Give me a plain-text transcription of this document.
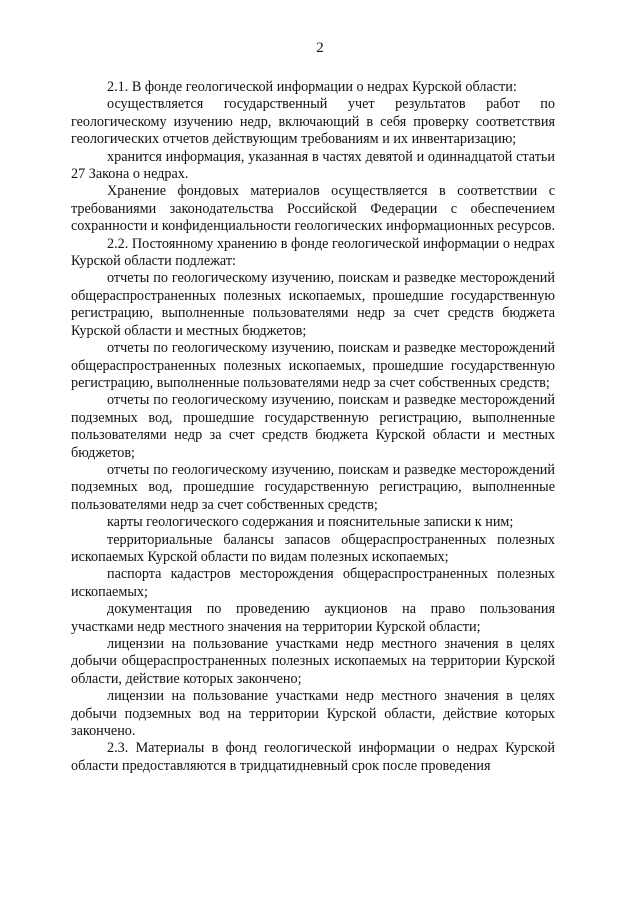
2

2.1. В фонде геологической информации о недрах Курской области:

осуществляется государственный учет результатов работ по геологическому изучению недр, включающий в себя проверку соответствия геологических отчетов действующим требованиям и их инвентаризацию;

хранится информация, указанная в частях девятой и одиннадцатой статьи 27 Закона о недрах.

Хранение фондовых материалов осуществляется в соответствии с требованиями законодательства Российской Федерации с обеспечением сохранности и конфиденциальности геологических информационных ресурсов.

2.2. Постоянному хранению в фонде геологической информации о недрах Курской области подлежат:

отчеты по геологическому изучению, поискам и разведке месторождений общераспространенных полезных ископаемых, прошедшие государственную регистрацию, выполненные пользователями недр за счет средств бюджета Курской области и местных бюджетов;

отчеты по геологическому изучению, поискам и разведке месторождений общераспространенных полезных ископаемых, прошедшие государственную регистрацию, выполненные пользователями недр за счет собственных средств;

отчеты по геологическому изучению, поискам и разведке месторождений подземных вод, прошедшие государственную регистрацию, выполненные пользователями недр за счет средств бюджета Курской области и местных бюджетов;

отчеты по геологическому изучению, поискам и разведке месторождений подземных вод, прошедшие государственную регистрацию, выполненные пользователями недр за счет собственных средств;

карты геологического содержания и пояснительные записки к ним;

территориальные балансы запасов общераспространенных полезных ископаемых Курской области по видам полезных ископаемых;

паспорта кадастров месторождения общераспространенных полезных ископаемых;

документация по проведению аукционов на право пользования участками недр местного значения на территории Курской области;

лицензии на пользование участками недр местного значения в целях добычи общераспространенных полезных ископаемых на территории Курской области, действие которых закончено;

лицензии на пользование участками недр местного значения в целях добычи подземных вод на территории Курской области, действие которых закончено.

2.3. Материалы в фонд геологической информации о недрах Курской области предоставляются в тридцатидневный срок после проведения
